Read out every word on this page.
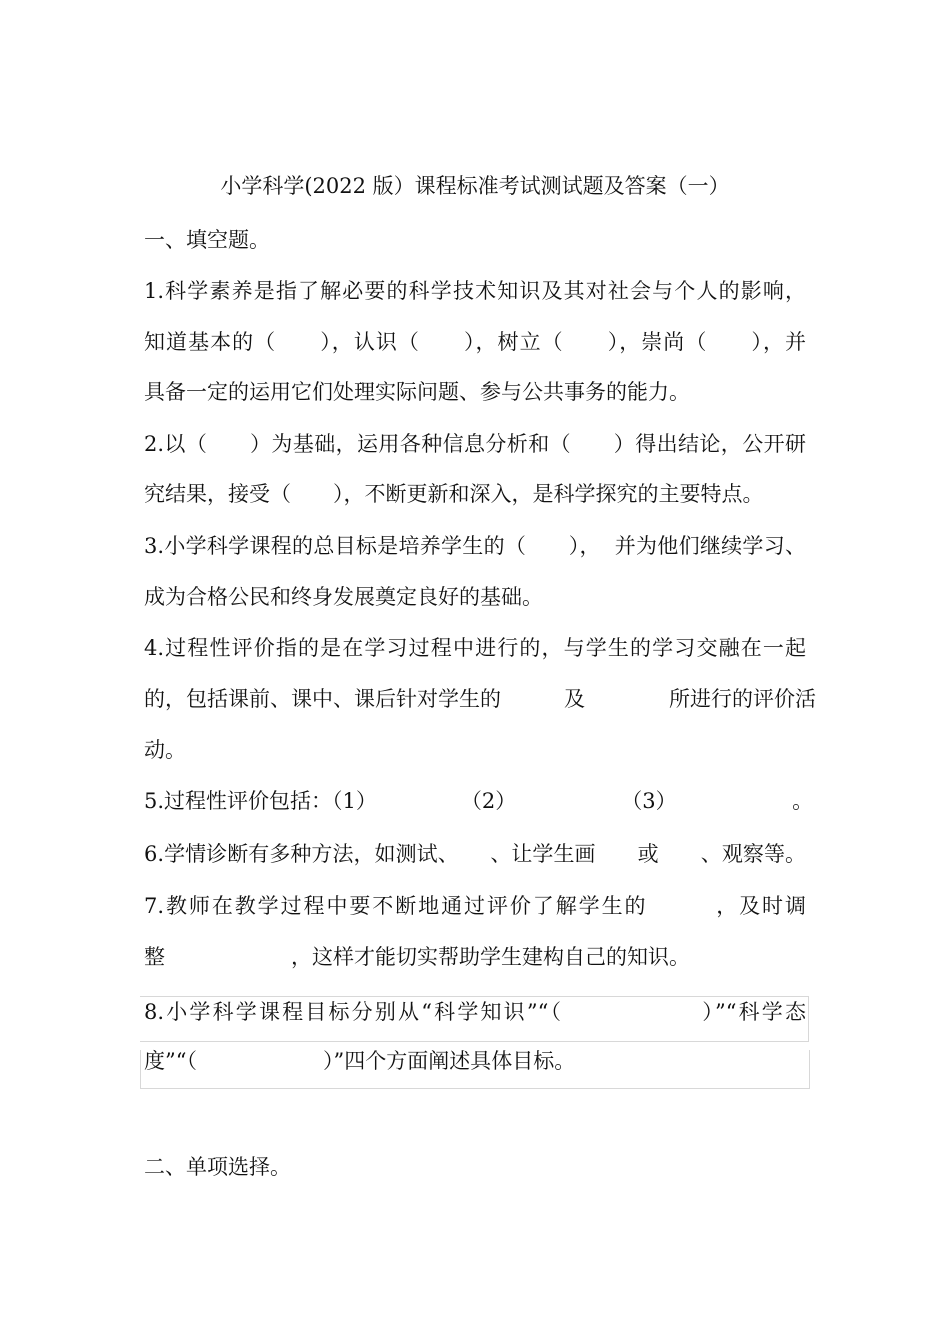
小学科学(2022 版）课程标准考试测试题及答案（一）
一、填空题。
1.科学素养是指了解必要的科学技术知识及其对社会与个人的影响，
知道基本的（　　），认识（　　），树立（　　），崇尚（　　），并
具备一定的运用它们处理实际问题、参与公共事务的能力。
2.以（　　）为基础，运用各种信息分析和（　　）得出结论，公开研
究结果，接受（　　），不断更新和深入，是科学探究的主要特点。
3.小学科学课程的总目标是培养学生的（　　），  并为他们继续学习、
成为合格公民和终身发展奠定良好的基础。
4.过程性评价指的是在学习过程中进行的，与学生的学习交融在一起
的，包括课前、课中、课后针对学生的　　　及　　　　所进行的评价活
动。
5.过程性评价包括：（1）　　　　　（2）　　　　　　（3）　　　　　　。
6.学情诊断有多种方法，如测试、　　、让学生画　　或　　、观察等。
7.教师在教学过程中要不断地通过评价了解学生的　　　，及时调
整　　　　　　，这样才能切实帮助学生建构自己的知识。
8.小学科学课程目标分别从“科学知识”“（　　　　　　）”“科学态
度”“（　　　　　　）”四个方面阐述具体目标。
二、单项选择。
